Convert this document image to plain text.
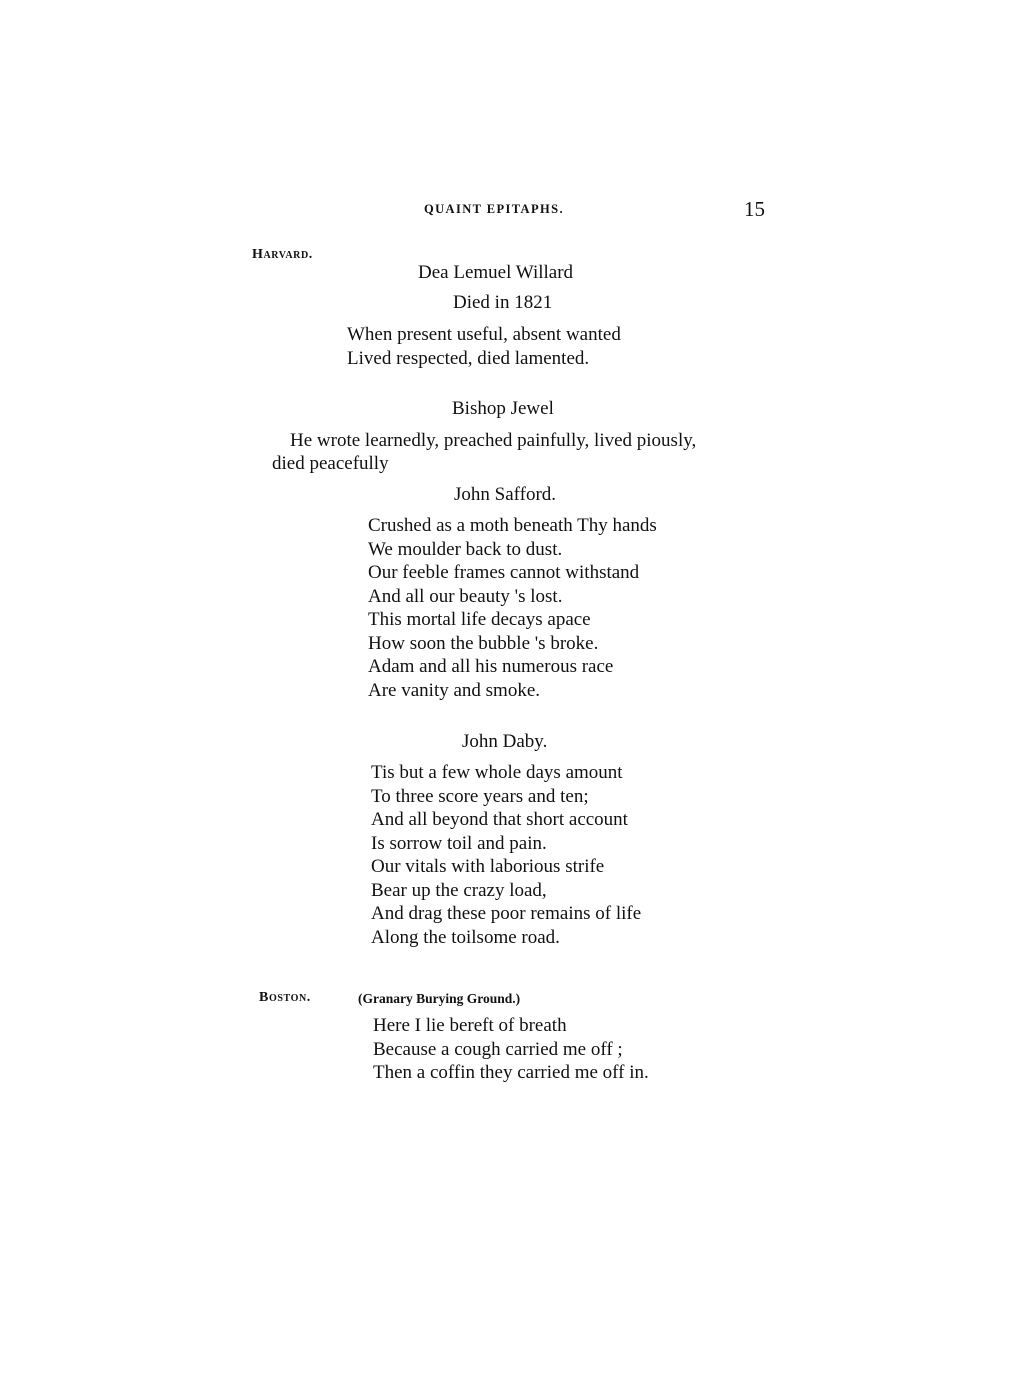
QUAINT EPITAPHS.	15
Harvard.
Dea Lemuel Willard
Died in 1821
When present useful, absent wanted
Lived respected, died lamented.
Bishop Jewel
He wrote learnedly, preached painfully, lived piously,
died peacefully
John Safford.
Crushed as a moth beneath Thy hands
We moulder back to dust.
Our feeble frames cannot withstand
And all our beauty 's lost.
This mortal life decays apace
How soon the bubble 's broke.
Adam and all his numerous race
Are vanity and smoke.
John Daby.
Tis but a few whole days amount
To three score years and ten;
And all beyond that short account
Is sorrow toil and pain.
Our vitals with laborious strife
Bear up the crazy load,
And drag these poor remains of life
Along the toilsome road.
Boston.	(Granary Burying Ground.)
Here I lie bereft of breath
Because a cough carried me off ;
Then a coffin they carried me off in.
